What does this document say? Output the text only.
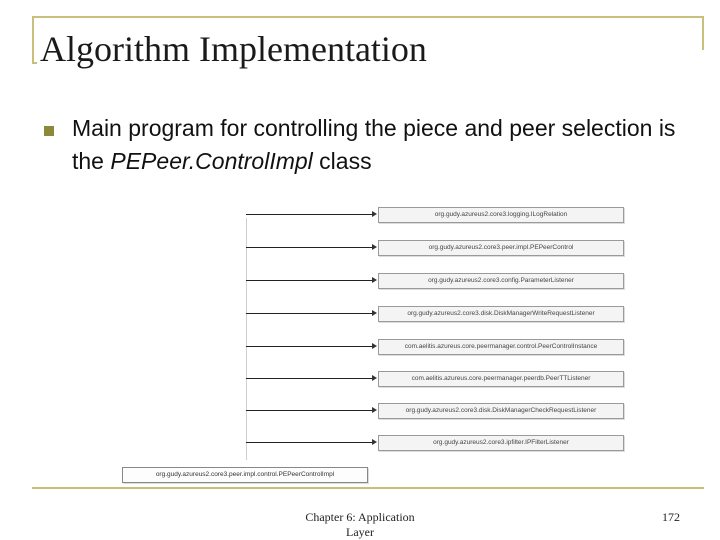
Algorithm Implementation
Main program for controlling the piece and peer selection is the PEPeer.ControlImpl class
org.gudy.azureus2.core3.logging.ILogRelation
org.gudy.azureus2.core3.peer.impl.PEPeerControl
org.gudy.azureus2.core3.config.ParameterListener
org.gudy.azureus2.core3.disk.DiskManagerWriteRequestListener
com.aelitis.azureus.core.peermanager.control.PeerControlInstance
com.aelitis.azureus.core.peermanager.peerdb.PeerTTListener
org.gudy.azureus2.core3.disk.DiskManagerCheckRequestListener
org.gudy.azureus2.core3.ipfilter.IPFilterListener
org.gudy.azureus2.core3.peer.impl.control.PEPeerControlImpl
Chapter 6: Application Layer
172
